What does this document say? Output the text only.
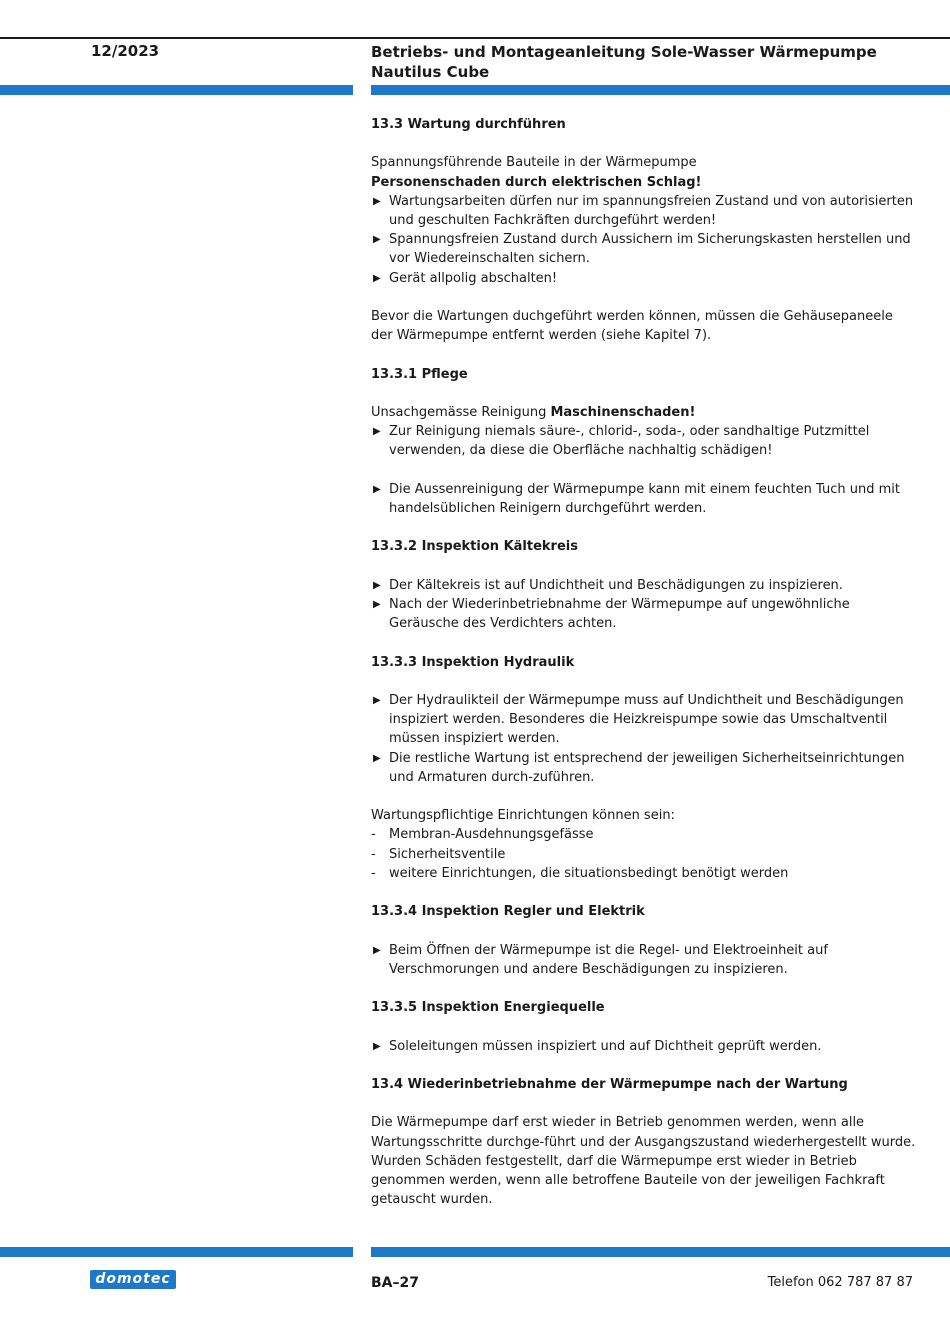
12/2023	Betriebs- und Montageanleitung Sole-Wasser Wärmepumpe
Nautilus Cube
13.3 Wartung durchführen

Spannungsführende Bauteile in der Wärmepumpe

Personenschaden durch elektrischen Schlag!

▶ Wartungsarbeiten dürfen nur im spannungsfreien Zustand und von autorisierten und geschulten Fachkräften durchgeführt werden!
▶ Spannungsfreien Zustand durch Aussichern im Sicherungskasten herstellen und vor Wiedereinschalten sichern.
▶ Gerät allpolig abschalten!

Bevor die Wartungen duchgeführt werden können, müssen die Gehäusepaneele der Wärmepumpe entfernt werden (siehe Kapitel 7).

13.3.1 Pflege

Unsachgemässe Reinigung Maschinenschaden!

▶ Zur Reinigung niemals säure-, chlorid-, soda-, oder sandhaltige Putzmittel verwenden, da diese die Oberfläche nachhaltig schädigen!
▶ Die Aussenreinigung der Wärmepumpe kann mit einem feuchten Tuch und mit handelsüblichen Reinigern durchgeführt werden.
13.3.2 Inspektion Kältekreis
▶ Der Kältekreis ist auf Undichtheit und Beschädigungen zu inspizieren.
▶ Nach der Wiederinbetriebnahme der Wärmepumpe auf ungewöhnliche Geräusche des Verdichters achten.
13.3.3 Inspektion Hydraulik
▶ Der Hydraulikteil der Wärmepumpe muss auf Undichtheit und Beschädigungen inspiziert werden. Besonderes die Heizkreispumpe sowie das Umschaltventil müssen inspiziert werden.
▶ Die restliche Wartung ist entsprechend der jeweiligen Sicherheitseinrichtungen und Armaturen durch-zuführen.

Wartungspflichtige Einrichtungen können sein:

- Membran-Ausdehnungsgefässe
- Sicherheitsventile
- weitere Einrichtungen, die situationsbedingt benötigt werden
13.3.4 Inspektion Regler und Elektrik
▶ Beim Öffnen der Wärmepumpe ist die Regel- und Elektroeinheit auf Verschmorungen und andere Beschädigungen zu inspizieren.
13.3.5 Inspektion Energiequelle
▶ Soleleitungen müssen inspiziert und auf Dichtheit geprüft werden.
13.4 Wiederinbetriebnahme der Wärmepumpe nach der Wartung

Die Wärmepumpe darf erst wieder in Betrieb genommen werden, wenn alle Wartungsschritte durchge-führt und der Ausgangszustand wiederhergestellt wurde.

Wurden Schäden festgestellt, darf die Wärmepumpe erst wieder in Betrieb genommen werden, wenn alle betroffene Bauteile von der jeweiligen Fachkraft getauscht wurden.

domotec	BA–27	Telefon 062 787 87 87
